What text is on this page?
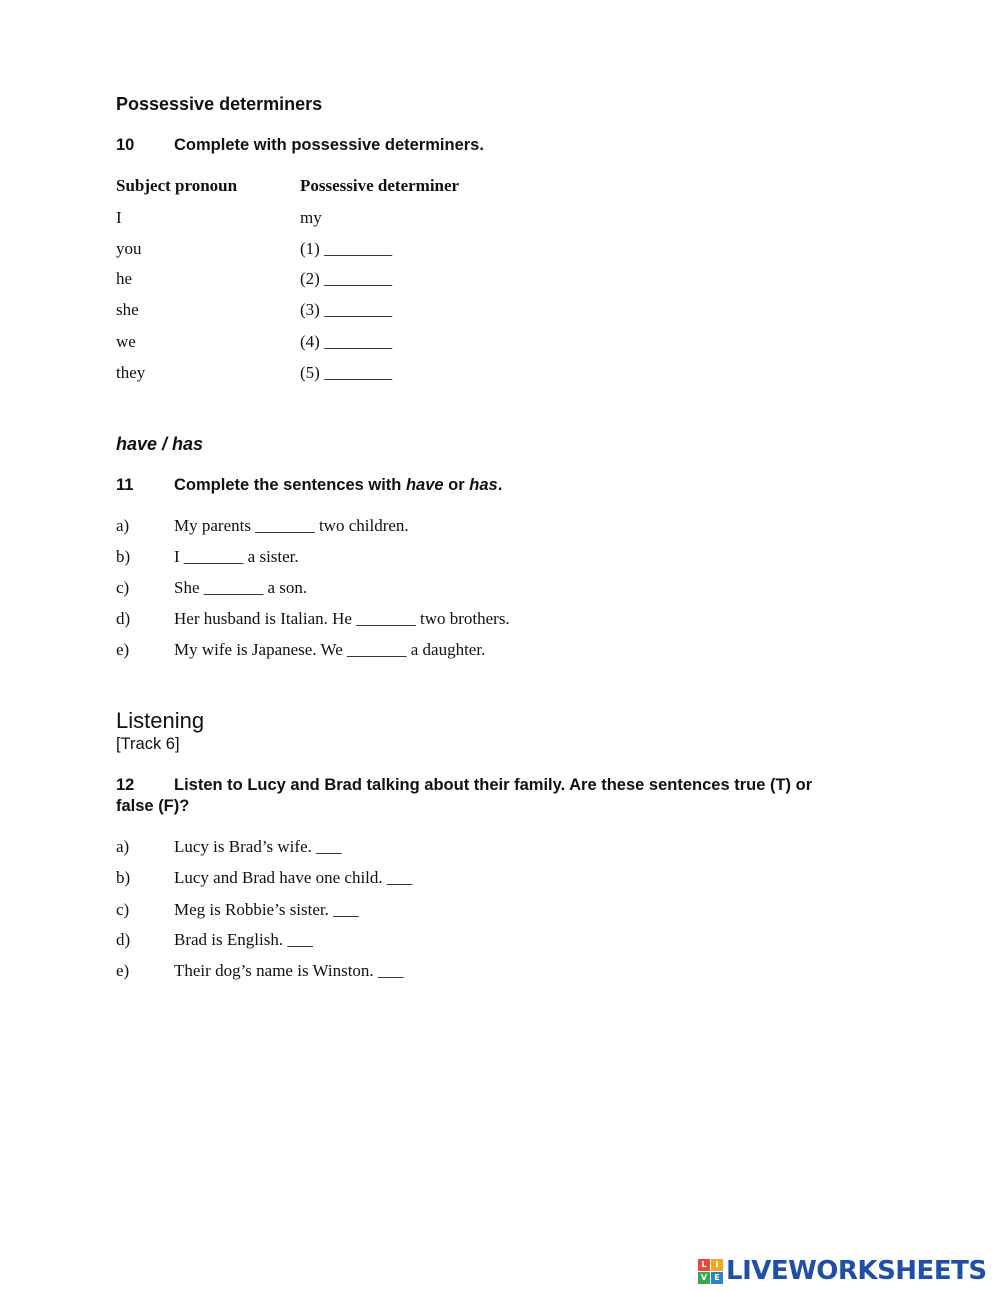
Possessive determiners
10 Complete with possessive determiners.
Subject pronoun	Possessive determiner
I	my
you	(1) ________
he	(2) ________
she	(3) ________
we	(4) ________
they	(5) ________
have / has
11 Complete the sentences with have or has.
a)	My parents _______ two children.
b)	I _______ a sister.
c)	She _______ a son.
d)	Her husband is Italian. He _______ two brothers.
e)	My wife is Japanese. We _______ a daughter.
Listening
[Track 6]
12 Listen to Lucy and Brad talking about their family. Are these sentences true (T) or
false (F)?
a)	Lucy is Brad’s wife. ___
b)	Lucy and Brad have one child. ___
c)	Meg is Robbie’s sister. ___
d)	Brad is English. ___
e)	Their dog’s name is Winston. ___
L	I
V E LIVEWORKSHEETS
